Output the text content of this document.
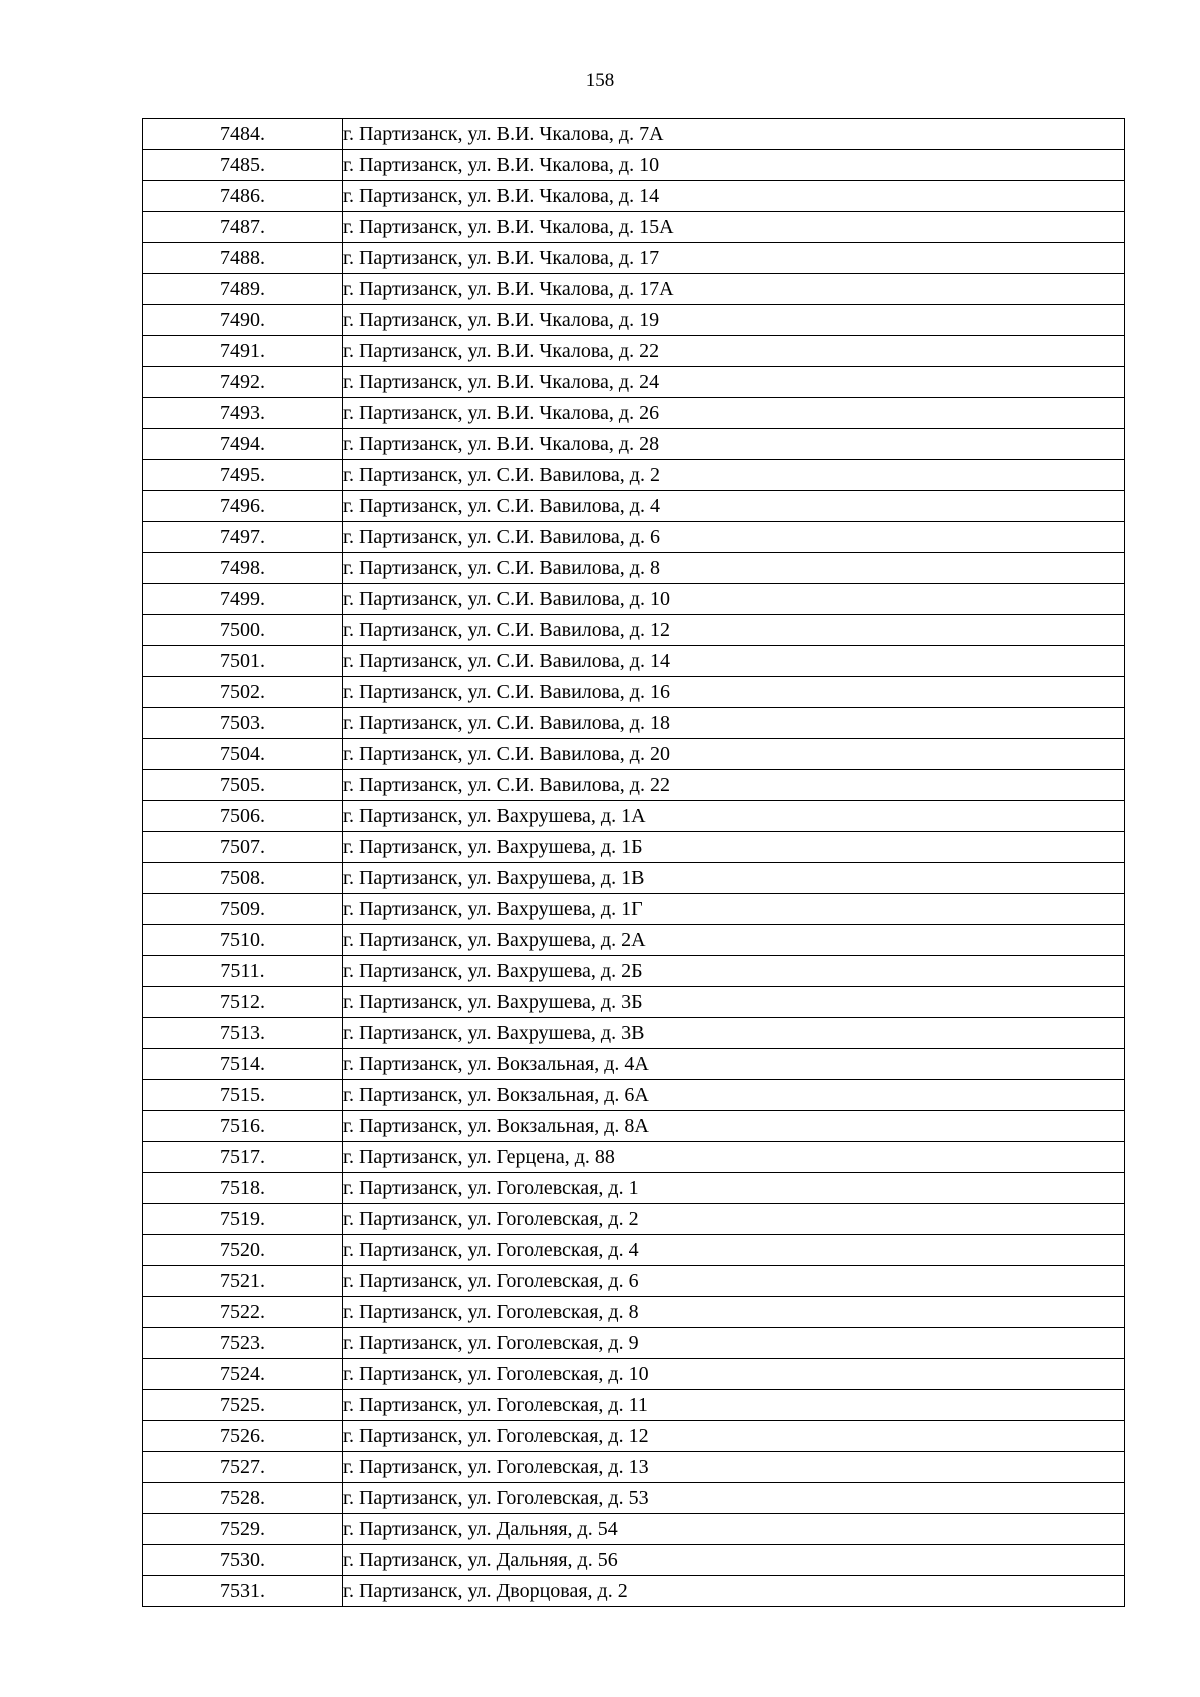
158
7484.	г. Партизанск, ул. В.И. Чкалова, д. 7А
7485.	г. Партизанск, ул. В.И. Чкалова, д. 10
7486.	г. Партизанск, ул. В.И. Чкалова, д. 14
7487.	г. Партизанск, ул. В.И. Чкалова, д. 15А
7488.	г. Партизанск, ул. В.И. Чкалова, д. 17
7489.	г. Партизанск, ул. В.И. Чкалова, д. 17А
7490.	г. Партизанск, ул. В.И. Чкалова, д. 19
7491.	г. Партизанск, ул. В.И. Чкалова, д. 22
7492.	г. Партизанск, ул. В.И. Чкалова, д. 24
7493.	г. Партизанск, ул. В.И. Чкалова, д. 26
7494.	г. Партизанск, ул. В.И. Чкалова, д. 28
7495.	г. Партизанск, ул. С.И. Вавилова, д. 2
7496.	г. Партизанск, ул. С.И. Вавилова, д. 4
7497.	г. Партизанск, ул. С.И. Вавилова, д. 6
7498.	г. Партизанск, ул. С.И. Вавилова, д. 8
7499.	г. Партизанск, ул. С.И. Вавилова, д. 10
7500.	г. Партизанск, ул. С.И. Вавилова, д. 12
7501.	г. Партизанск, ул. С.И. Вавилова, д. 14
7502.	г. Партизанск, ул. С.И. Вавилова, д. 16
7503.	г. Партизанск, ул. С.И. Вавилова, д. 18
7504.	г. Партизанск, ул. С.И. Вавилова, д. 20
7505.	г. Партизанск, ул. С.И. Вавилова, д. 22
7506.	г. Партизанск, ул. Вахрушева, д. 1А
7507.	г. Партизанск, ул. Вахрушева, д. 1Б
7508.	г. Партизанск, ул. Вахрушева, д. 1В
7509.	г. Партизанск, ул. Вахрушева, д. 1Г
7510.	г. Партизанск, ул. Вахрушева, д. 2А
7511.	г. Партизанск, ул. Вахрушева, д. 2Б
7512.	г. Партизанск, ул. Вахрушева, д. 3Б
7513.	г. Партизанск, ул. Вахрушева, д. 3В
7514.	г. Партизанск, ул. Вокзальная, д. 4А
7515.	г. Партизанск, ул. Вокзальная, д. 6А
7516.	г. Партизанск, ул. Вокзальная, д. 8А
7517.	г. Партизанск, ул. Герцена, д. 88
7518.	г. Партизанск, ул. Гоголевская, д. 1
7519.	г. Партизанск, ул. Гоголевская, д. 2
7520.	г. Партизанск, ул. Гоголевская, д. 4
7521.	г. Партизанск, ул. Гоголевская, д. 6
7522.	г. Партизанск, ул. Гоголевская, д. 8
7523.	г. Партизанск, ул. Гоголевская, д. 9
7524.	г. Партизанск, ул. Гоголевская, д. 10
7525.	г. Партизанск, ул. Гоголевская, д. 11
7526.	г. Партизанск, ул. Гоголевская, д. 12
7527.	г. Партизанск, ул. Гоголевская, д. 13
7528.	г. Партизанск, ул. Гоголевская, д. 53
7529.	г. Партизанск, ул. Дальняя, д. 54
7530.	г. Партизанск, ул. Дальняя, д. 56
7531.	г. Партизанск, ул. Дворцовая, д. 2
